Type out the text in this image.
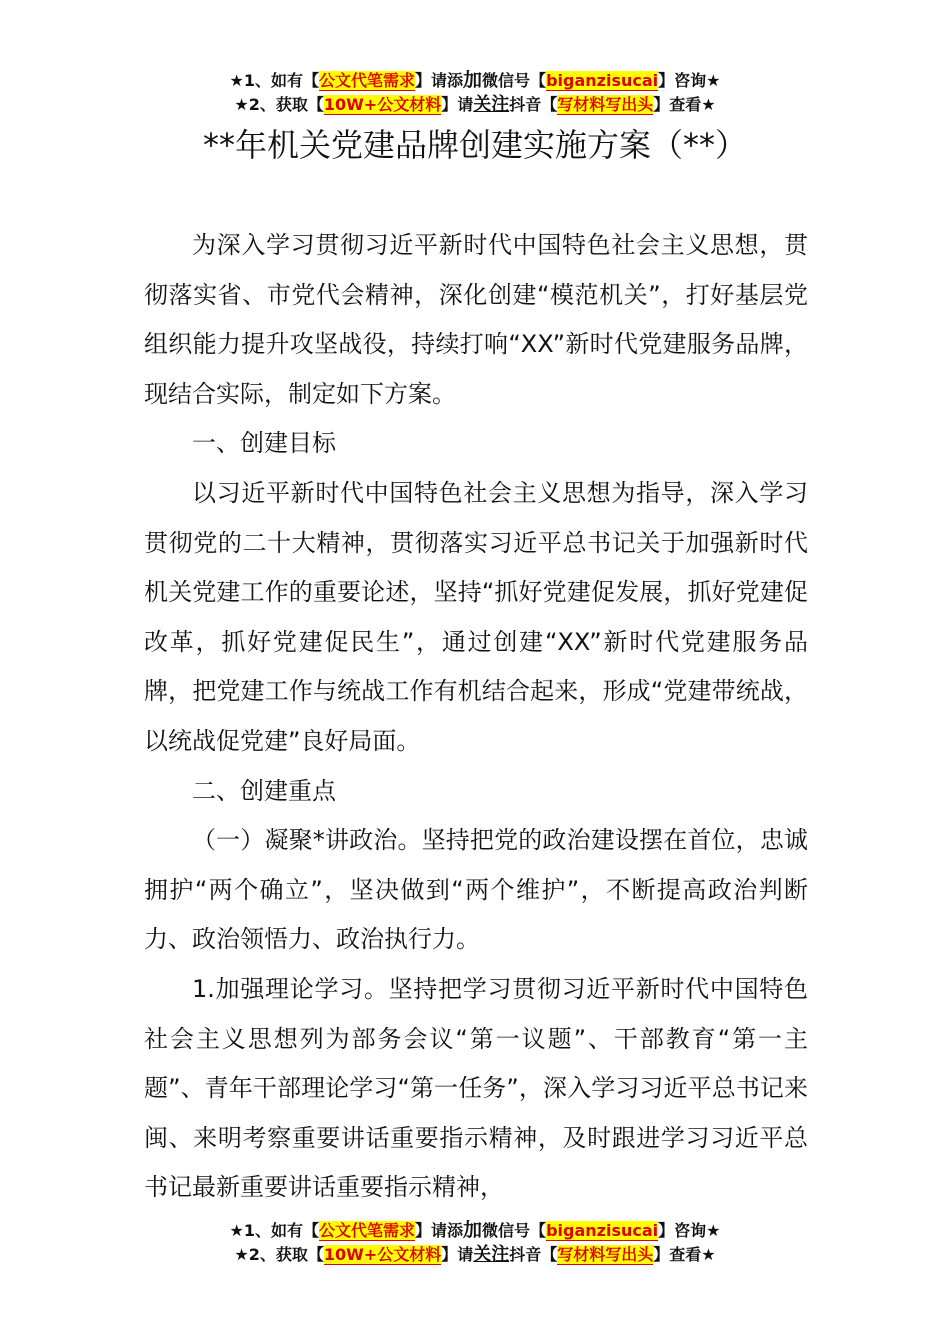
★1、如有【公文代笔需求】请添加微信号【biganzisucai】咨询★
★2、获取【10W+公文材料】请关注抖音【写材料写出头】查看★
**年机关党建品牌创建实施方案（**）

为深入学习贯彻习近平新时代中国特色社会主义思想，贯彻落实省、市党代会精神，深化创建“模范机关”，打好基层党组织能力提升攻坚战役，持续打响“XX”新时代党建服务品牌，现结合实际，制定如下方案。

一、创建目标

以习近平新时代中国特色社会主义思想为指导，深入学习贯彻党的二十大精神，贯彻落实习近平总书记关于加强新时代机关党建工作的重要论述，坚持“抓好党建促发展，抓好党建促改革，抓好党建促民生”，通过创建“XX”新时代党建服务品牌，把党建工作与统战工作有机结合起来，形成“党建带统战，以统战促党建”良好局面。

二、创建重点

（一）凝聚*讲政治。坚持把党的政治建设摆在首位，忠诚拥护“两个确立”，坚决做到“两个维护”，不断提高政治判断力、政治领悟力、政治执行力。

1.加强理论学习。坚持把学习贯彻习近平新时代中国特色社会主义思想列为部务会议“第一议题”、干部教育“第一主题”、青年干部理论学习“第一任务”，深入学习习近平总书记来闽、来明考察重要讲话重要指示精神，及时跟进学习习近平总书记最新重要讲话重要指示精神，

★1、如有【公文代笔需求】请添加微信号【biganzisucai】咨询★
★2、获取【10W+公文材料】请关注抖音【写材料写出头】查看★
